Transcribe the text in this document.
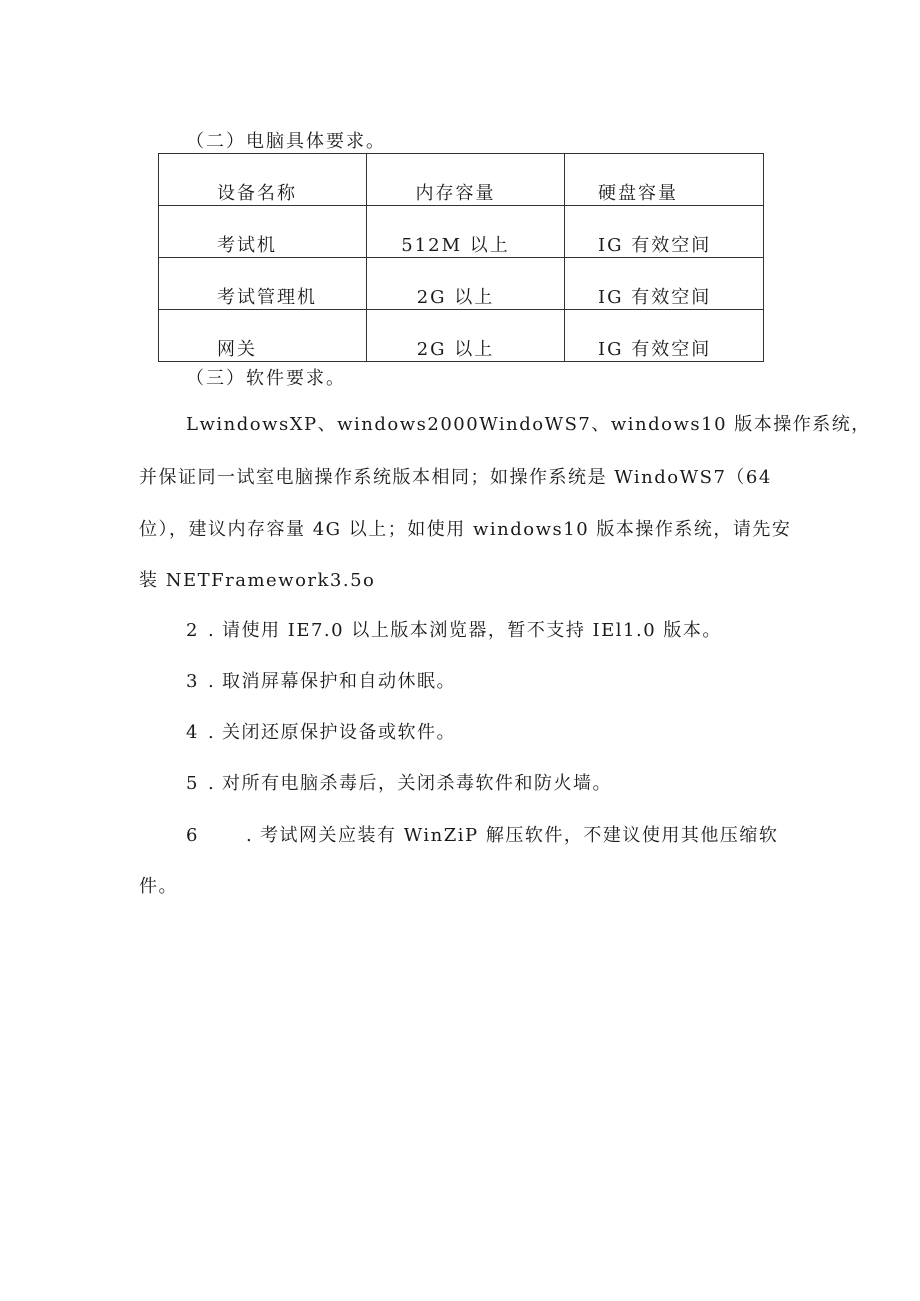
（二）电脑具体要求。
设备名称	内存容量	硬盘容量

考试机	512M 以上	IG 有效空间

考试管理机	2G 以上	IG 有效空间

网关	2G 以上	IG 有效空间
（三）软件要求。
LwindowsXP、windows2000WindoWS7、windows10 版本操作系统，
并保证同一试室电脑操作系统版本相同；如操作系统是 WindoWS7（64
位），建议内存容量 4G 以上；如使用 windows10 版本操作系统，请先安
装 NETFramework3.5o
2 . 请使用 IE7.0 以上版本浏览器，暂不支持 IEl1.0 版本。
3 . 取消屏幕保护和自动休眠。
4 . 关闭还原保护设备或软件。
5 . 对所有电脑杀毒后，关闭杀毒软件和防火墙。
6	. 考试网关应装有 WinZiP 解压软件，不建议使用其他压缩软
件。
